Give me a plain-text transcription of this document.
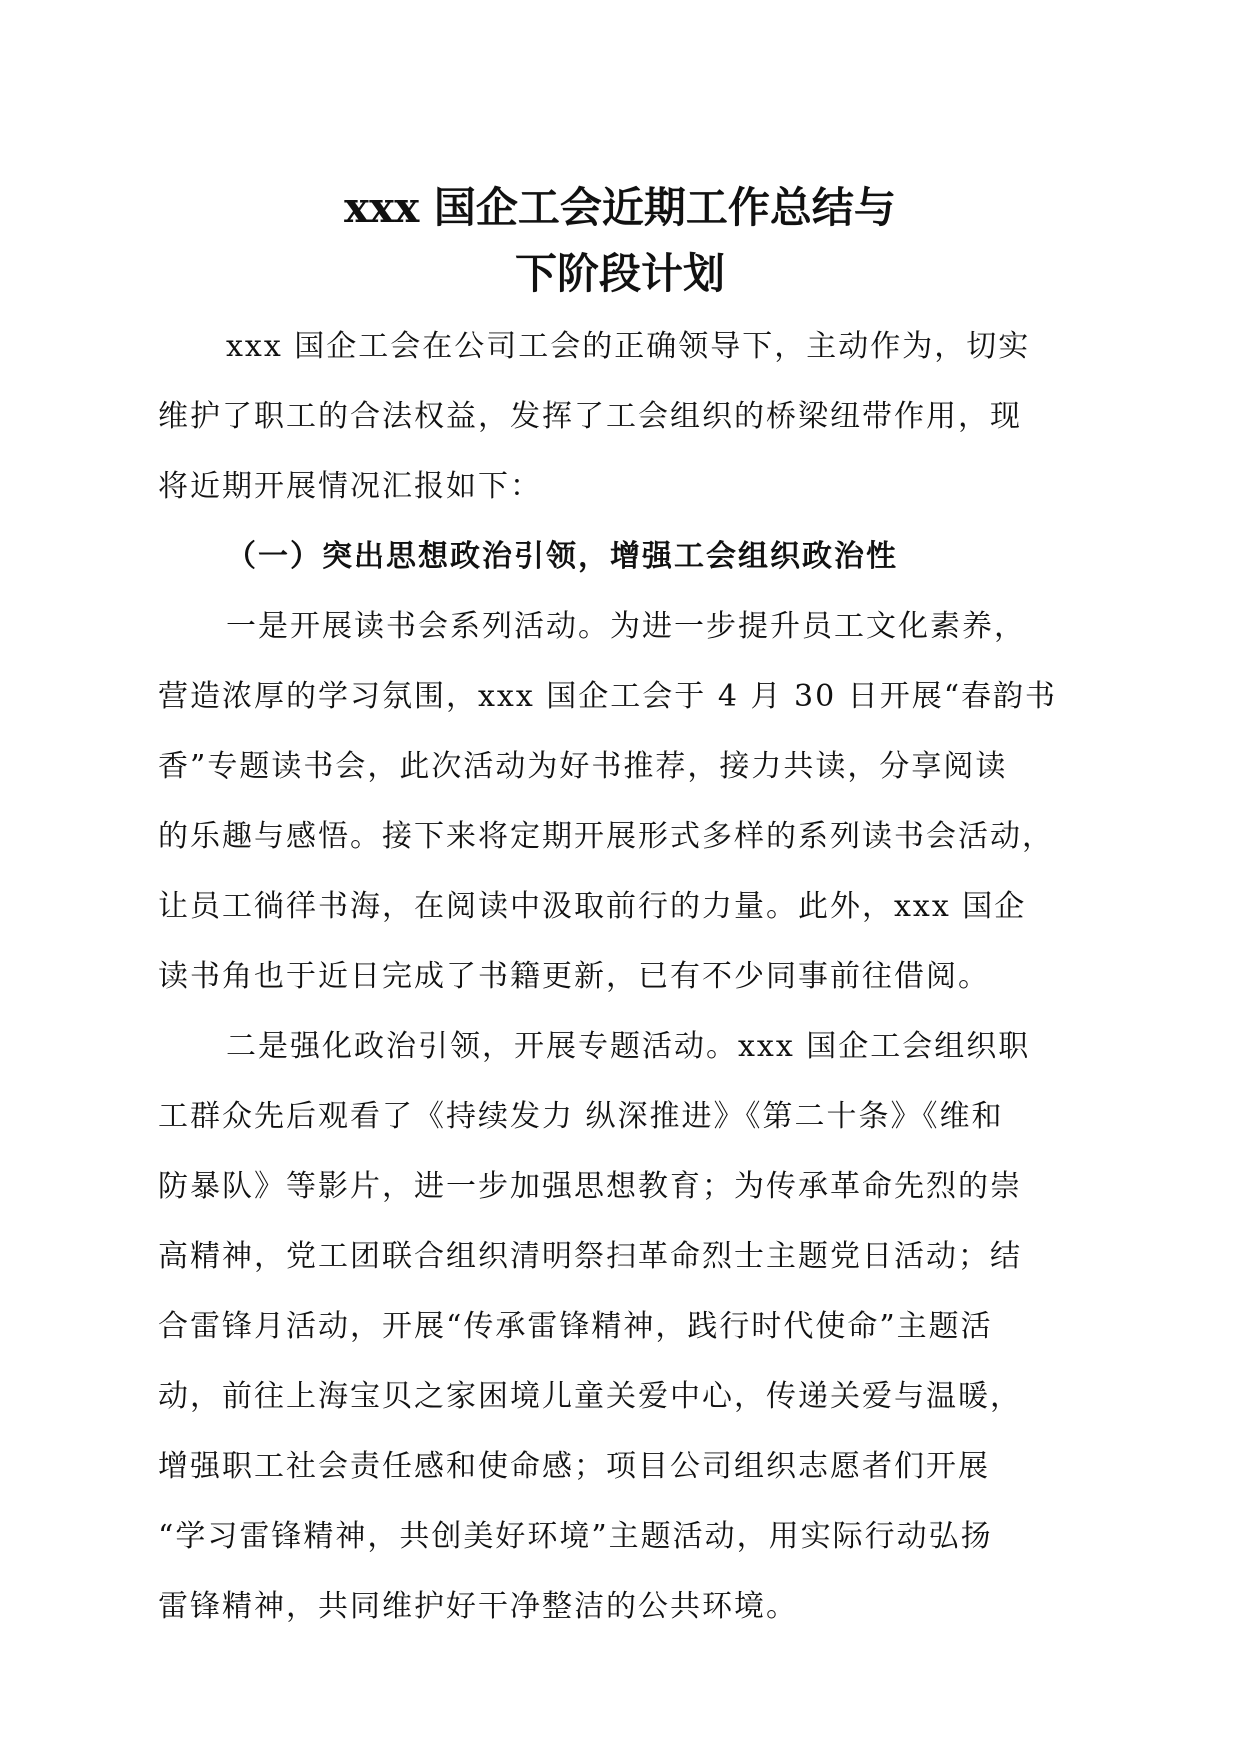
xxx 国企工会近期工作总结与
下阶段计划
xxx 国企工会在公司工会的正确领导下，主动作为，切实
维护了职工的合法权益，发挥了工会组织的桥梁纽带作用，现
将近期开展情况汇报如下：
（一）突出思想政治引领，增强工会组织政治性
一是开展读书会系列活动。为进一步提升员工文化素养，
营造浓厚的学习氛围，xxx 国企工会于 4 月 30 日开展“春韵书
香”专题读书会，此次活动为好书推荐，接力共读，分享阅读
的乐趣与感悟。接下来将定期开展形式多样的系列读书会活动，
让员工徜徉书海，在阅读中汲取前行的力量。此外，xxx 国企
读书角也于近日完成了书籍更新，已有不少同事前往借阅。
二是强化政治引领，开展专题活动。xxx 国企工会组织职
工群众先后观看了《持续发力 纵深推进》《第二十条》《维和
防暴队》等影片，进一步加强思想教育；为传承革命先烈的崇
高精神，党工团联合组织清明祭扫革命烈士主题党日活动；结
合雷锋月活动，开展“传承雷锋精神，践行时代使命”主题活
动，前往上海宝贝之家困境儿童关爱中心，传递关爱与温暖，
增强职工社会责任感和使命感；项目公司组织志愿者们开展
“学习雷锋精神，共创美好环境”主题活动，用实际行动弘扬
雷锋精神，共同维护好干净整洁的公共环境。
